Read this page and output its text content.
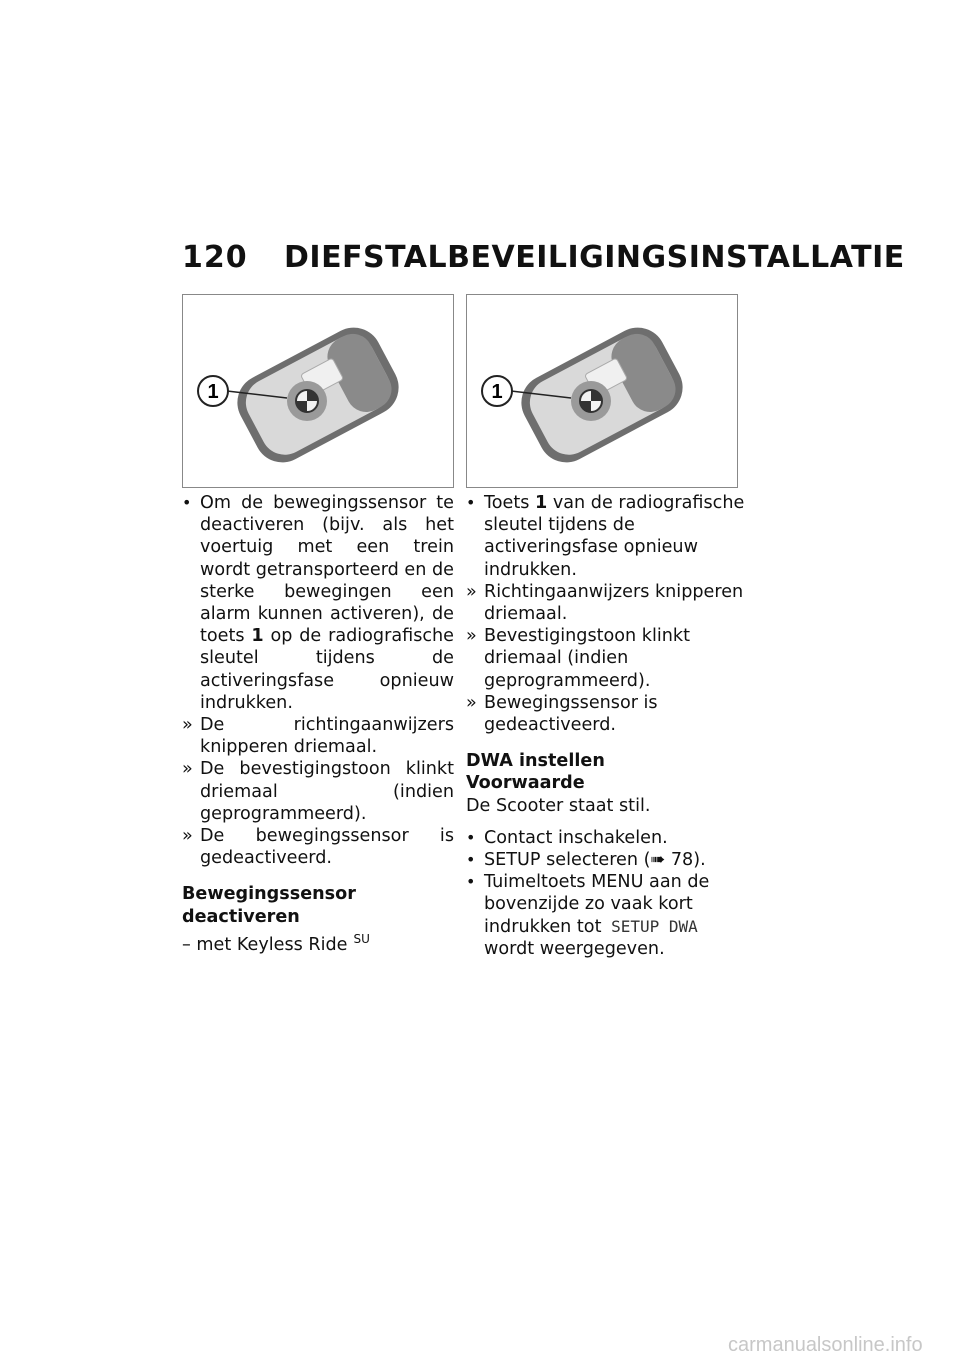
120 DIEFSTALBEVEILIGINGSINSTALLATIE
1	1
• Om de bewegingssensor te deactiveren (bijv. als het voertuig met een trein wordt getransporteerd en de sterke bewegingen een alarm kunnen activeren), de toets 1 op de radiografische sleutel tijdens de activeringsfase opnieuw indrukken.
» De richtingaanwijzers knipperen driemaal.
» De bevestigingstoon klinkt driemaal (indien geprogrammeerd).
» De bewegingssensor is gedeactiveerd.
Bewegingssensor deactiveren
– met Keyless Ride $^{SU}$
• Toets 1 van de radiografische sleutel tijdens de activeringsfase opnieuw indrukken.
» Richtingaanwijzers knipperen driemaal.
» Bevestigingstoon klinkt driemaal (indien geprogrammeerd).
» Bewegingssensor is gedeactiveerd.
DWA instellen
Voorwaarde
De Scooter staat stil.
• Contact inschakelen.
• SETUP selecteren (➠ 78).
• Tuimeltoets MENU aan de bovenzijde zo vaak kort indrukken tot SETUP DWA wordt weergegeven.
carmanualsonline.info
